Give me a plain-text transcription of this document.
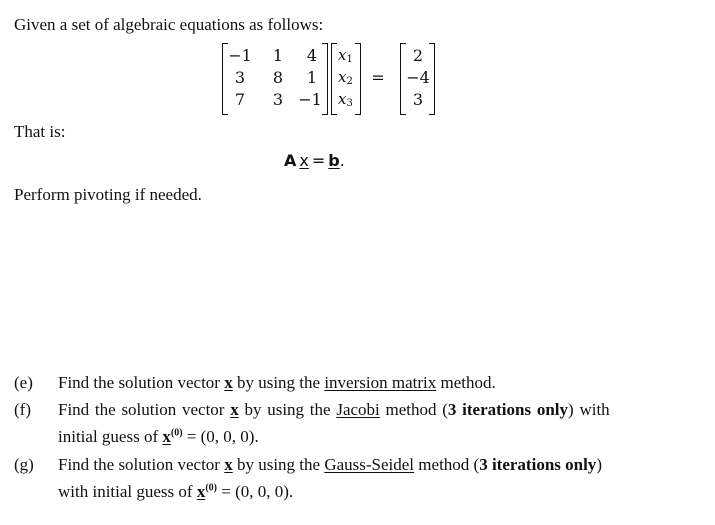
Given a set of algebraic equations as follows:
−1 1 4
3	8 1
7	3 −1
$x_1$
$x_2$
$x_3$
=
2
−4
3
That is:
A x = b.
Perform pivoting if needed.
(e) Find the solution vector x by using the inversion matrix method.
(f) Find the solution vector x by using the Jacobi method (3 iterations only) with
initial guess of $x^{(0)} = (0$, 0, 0).
(g) Find the solution vector x by using the Gauss-Seidel method (3 iterations only)
with initial guess of $x^{(0)} = (0$, 0, 0).
